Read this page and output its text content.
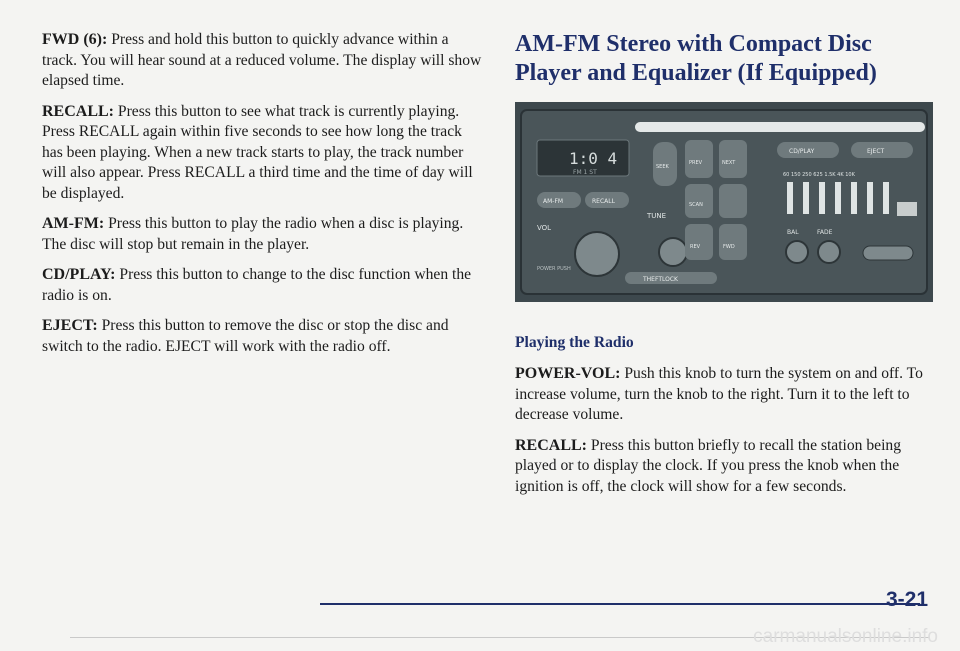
FWD (6): Press and hold this button to quickly advance within a track. You will hear sound at a reduced volume. The display will show elapsed time.

RECALL: Press this button to see what track is currently playing. Press RECALL again within five seconds to see how long the track has been playing. When a new track starts to play, the track number will also appear. Press RECALL a third time and the time of day will be displayed.

AM-FM: Press this button to play the radio when a disc is playing. The disc will stop but remain in the player.

CD/PLAY: Press this button to change to the disc function when the radio is on.

EJECT: Press this button to remove the disc or stop the disc and switch to the radio. EJECT will work with the radio off.

AM-FM Stereo with Compact Disc Player and Equalizer (If Equipped)
1:0 4
FM 1 ST
AM-FM	RECALL
VOL
POWER PUSH
SEEK
TUNE
PREV	NEXT
SCAN
REV	FWD
THEFTLOCK
CD/PLAY	EJECT
60 150 250 625 1.5K 4K 10K
BAL	FADE
Playing the Radio

POWER-VOL: Push this knob to turn the system on and off. To increase volume, turn the knob to the right. Turn it to the left to decrease volume.

RECALL: Press this button briefly to recall the station being played or to display the clock. If you press the knob when the ignition is off, the clock will show for a few seconds.

3-21
carmanualsonline.info
